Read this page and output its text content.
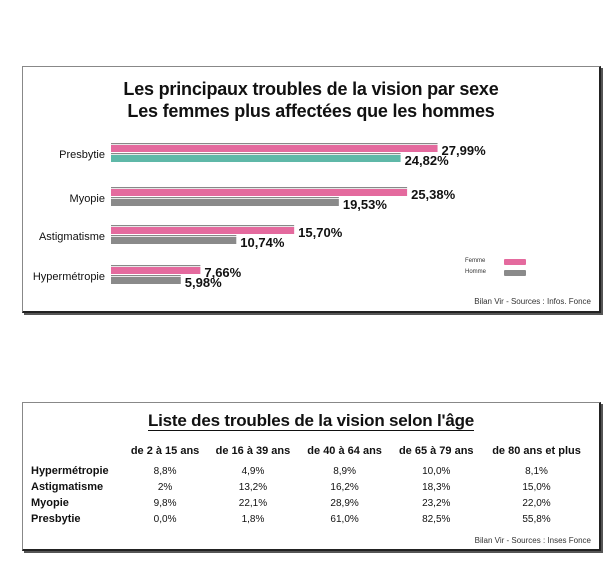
Les principaux troubles de la vision par sexe
Les femmes plus affectées que les hommes
27,99%
24,82%
25,38%
19,53%
15,70%
10,74%
7,66%
5,98%
Femme
Homme
Bilan Vir - Sources : Infos. Fonce
Presbytie
Myopie
Astigmatisme
Hypermétropie
Liste des troubles de la vision selon l'âge
	de 2 à 15 ans	de 16 à 39 ans	de 40 à 64 ans	de 65 à 79 ans	de 80 ans et plus
Hypermétropie	8,8%	4,9%	8,9%	10,0%	8,1%
Astigmatisme	2%	13,2%	16,2%	18,3%	15,0%
Myopie	9,8%	22,1%	28,9%	23,2%	22,0%
Presbytie	0,0%	1,8%	61,0%	82,5%	55,8%
Bilan Vir - Sources : Inses Fonce
